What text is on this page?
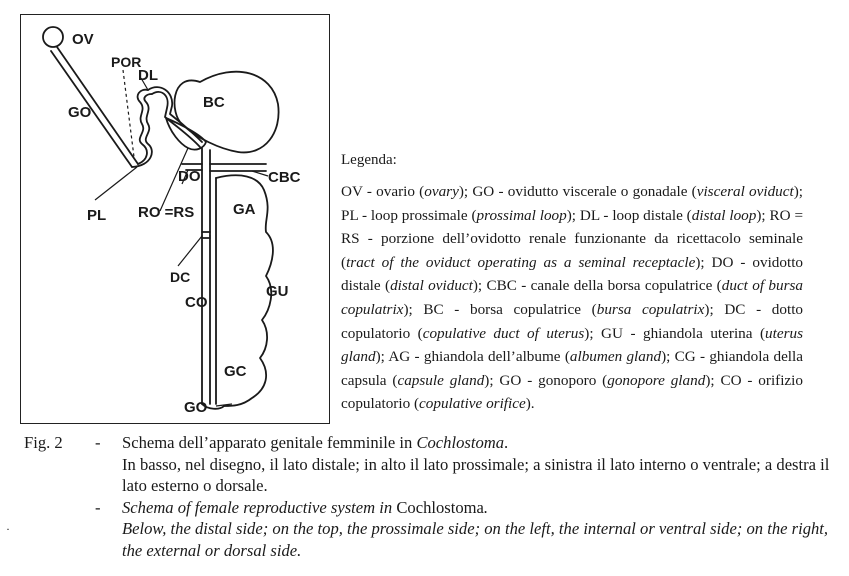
OV
POR
DL
GO
BC
DO	CBC
PL RO =RS	GA
DC
CO
GU
GC
GO
Legenda:
OV - ovario (ovary); GO - ovidutto viscerale o gonadale (visceral oviduct); PL - loop prossimale (prossimal loop); DL - loop distale (distal loop); RO = RS - porzione dell’ovidotto renale funzionante da ricettacolo seminale (tract of the oviduct operating as a seminal receptacle); DO - ovidotto distale (distal oviduct); CBC - canale della borsa copulatrice (duct of bursa copulatrix); BC - borsa copulatrice (bursa copulatrix); DC - dotto copulatorio (copulative duct of uterus); GU - ghiandola uterina (uterus gland); AG - ghiandola dell’albume (albumen gland); CG - ghiandola della capsula (capsule gland); GO - gonoporo (gonopore gland); CO - orifizio copulatorio (copulative orifice).
Fig. 2	-	Schema dell’apparato genitale femminile in Cochlostoma.
In basso, nel disegno, il lato distale; in alto il lato prossimale; a sinistra il lato interno o ventrale; a destra il lato esterno o dorsale.
-	Schema of female reproductive system in Cochlostoma.
Below, the distal side; on the top, the prossimale side; on the left, the internal or ventral side; on the right, the external or dorsal side.
·
